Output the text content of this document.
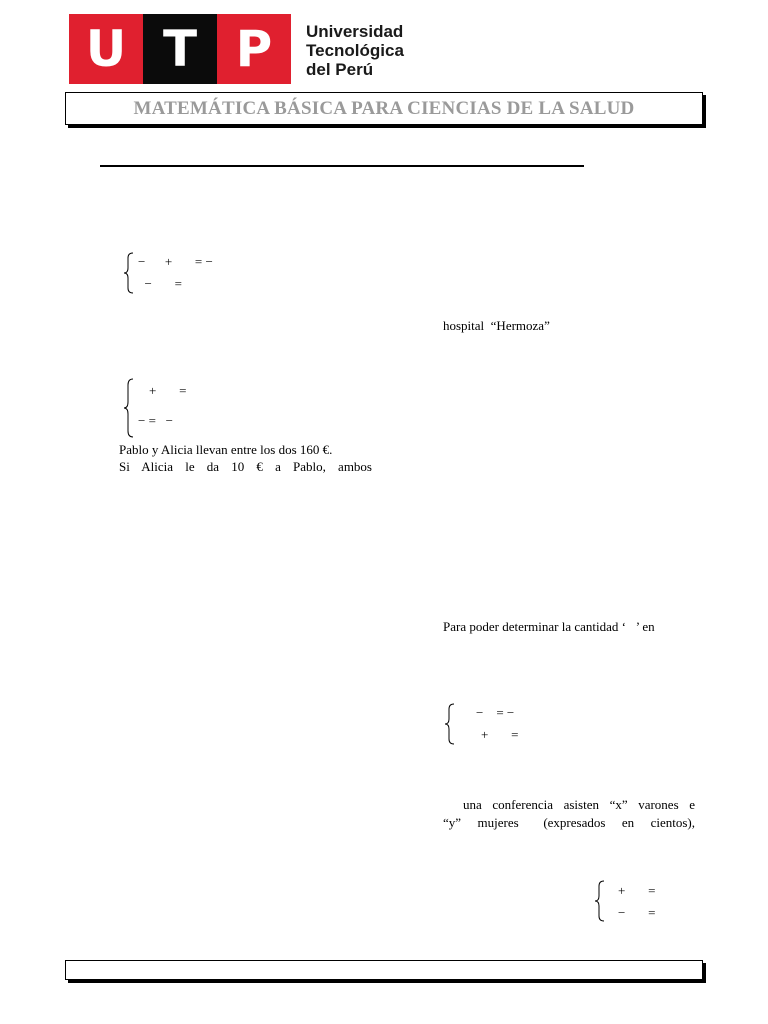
U T P	Universidad
Tecnológica
del Perú
MATEMÁTICA BÁSICA PARA CIENCIAS DE LA SALUD
−      +       = −
−       =
hospital  “Hermoza”
+       =
− =   −
Pablo y Alicia llevan entre los dos 160 €.
Si  Alicia  le  da  10  €  a  Pablo,  ambos
Para poder determinar la cantidad ‘   ’ en
−    = −
+       =
una conferencia asisten “x” varones e
“y”  mujeres   (expresados  en  cientos),
+       =
−       =
